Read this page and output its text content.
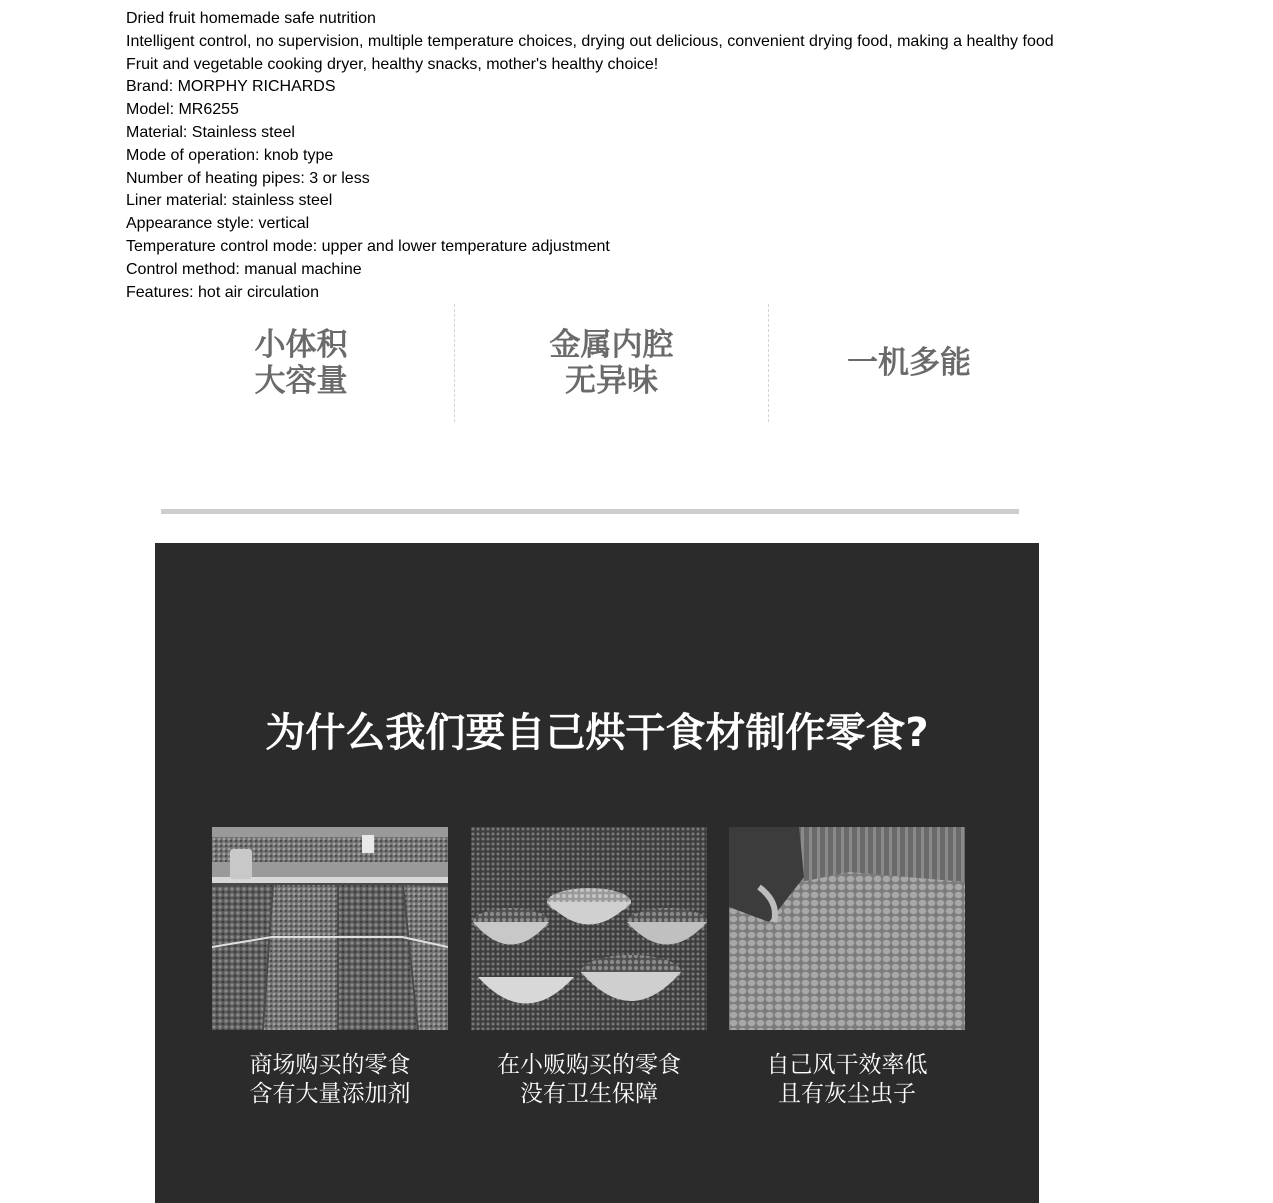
Dried fruit homemade safe nutrition
Intelligent control, no supervision, multiple temperature choices, drying out delicious, convenient drying food, making a healthy food
Fruit and vegetable cooking dryer, healthy snacks, mother's healthy choice!
Brand: MORPHY RICHARDS
Model: MR6255
Material: Stainless steel
Mode of operation: knob type
Number of heating pipes: 3 or less
Liner material: stainless steel
Appearance style: vertical
Temperature control mode: upper and lower temperature adjustment
Control method: manual machine
Features: hot air circulation
小体积
大容量
金属内腔
无异味	一机多能
为什么我们要自己烘干食材制作零食?
商场购买的零食
含有大量添加剂
在小贩购买的零食
没有卫生保障
自己风干效率低
且有灰尘虫子
